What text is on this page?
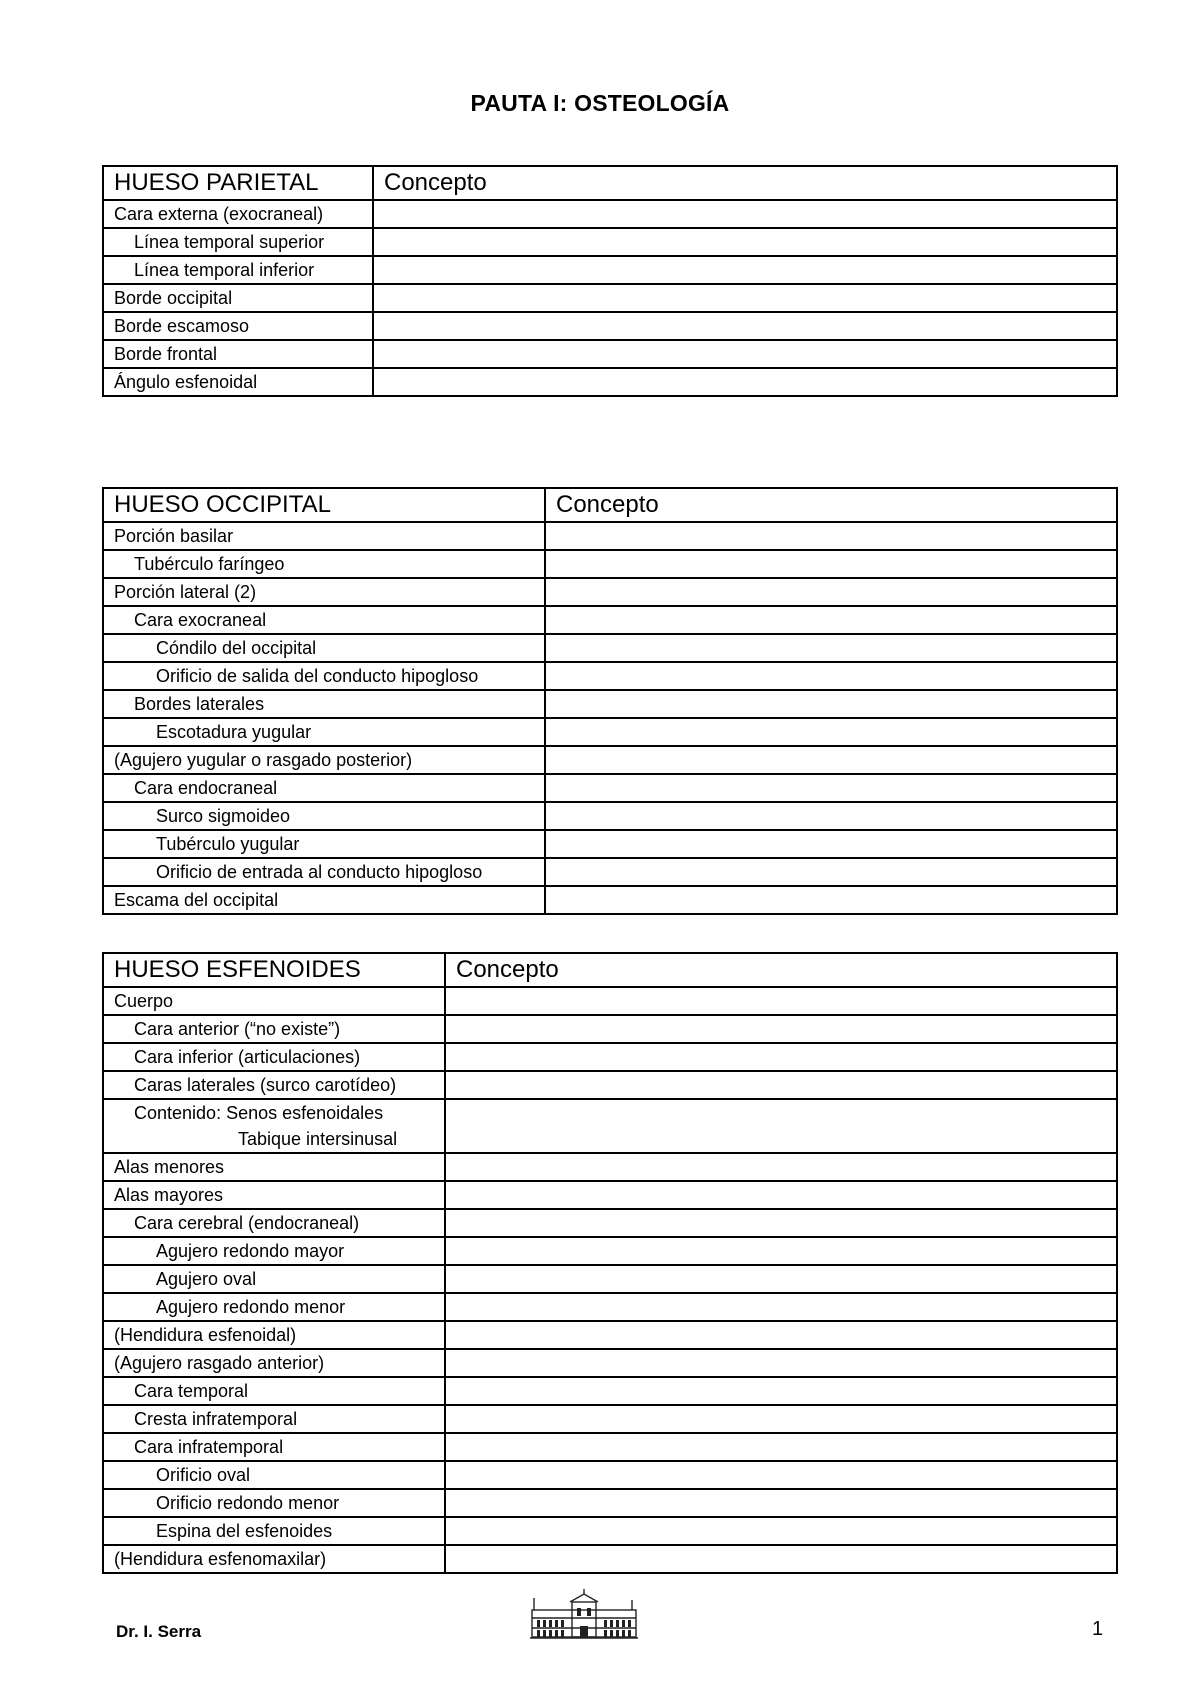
PAUTA I: OSTEOLOGÍA
HUESO PARIETAL	Concepto
Cara externa (exocraneal)	
Línea temporal superior	
Línea temporal inferior	
Borde occipital	
Borde escamoso	
Borde frontal	
Ángulo esfenoidal	
HUESO OCCIPITAL	Concepto
Porción basilar	
Tubérculo faríngeo	
Porción lateral (2)	
Cara exocraneal	
Cóndilo del occipital	
Orificio de salida del conducto hipogloso	
Bordes laterales	
Escotadura yugular	
(Agujero yugular o rasgado posterior)	
Cara endocraneal	
Surco sigmoideo	
Tubérculo yugular	
Orificio de entrada al conducto hipogloso	
Escama del occipital	
HUESO ESFENOIDES	Concepto
Cuerpo	
Cara anterior (“no existe”)	
Cara inferior (articulaciones)	
Caras laterales (surco carotídeo)	

Contenido: Senos esfenoidales
Tabique intersinusal	

Alas menores	
Alas mayores	
Cara cerebral (endocraneal)	
Agujero redondo mayor	
Agujero oval	
Agujero redondo menor	
(Hendidura esfenoidal)	
(Agujero rasgado anterior)	
Cara temporal	
Cresta infratemporal	
Cara infratemporal	
Orificio oval	
Orificio redondo menor	
Espina del esfenoides	
(Hendidura esfenomaxilar)	
Dr. I. Serra	1
